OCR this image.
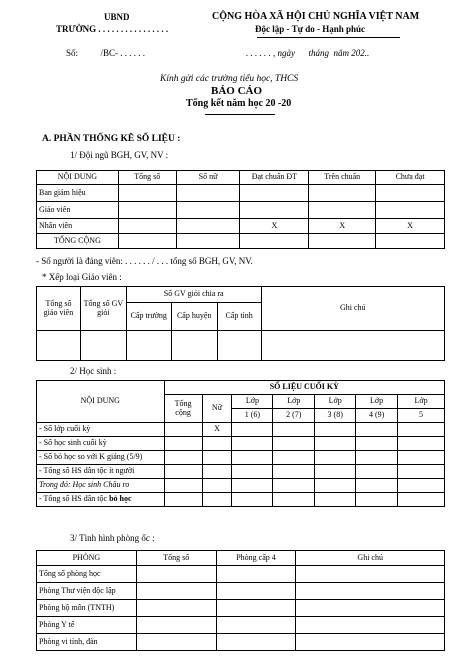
UBND
TRƯỜNG . . . . . . . . . . . . . . . .
CỘNG HÒA XÃ HỘI CHỦ NGHĨA VIỆT NAM
Độc lập - Tự do - Hạnh phúc
Số:          /BC- . . . . . .	. . . . . . , ngày      tháng  năm 202..
Kính gửi các trường tiểu học, THCS
BÁO CÁO
Tổng kết năm học 20 -20
A. PHẦN THỐNG KÊ SỐ LIỆU :
1/ Đội ngũ BGH, GV, NV :
NỘI DUNG	Tổng số	Số nữ	Đạt chuẩn ĐT	Trên chuẩn	Chưa đạt
Ban giám hiệu					
Giáo viên					
Nhân viên			X	X	X
TỔNG CỘNG					
- Số người là đảng viên: . . . . . . / . . . tổng số BGH, GV, NV.
* Xếp loại Giáo viên :
Tổng số giáo viên	Tổng số GV giỏi	Số GV giỏi chia ra			Ghi chú
		Cấp trường	Cấp huyện	Cấp tỉnh	

2/ Học sinh :
NỘI DUNG	SỐ LIỆU CUỐI KỲ						
	Tổng cộng	Nữ	Lớp	Lớp	Lớp	Lớp	Lớp
			1 (6)	2 (7)	3 (8)	4 (9)	5
- Số lớp cuối kỳ		X					
- Số học sinh cuối kỳ							
- Số bỏ học so với K giảng (5/9)							
- Tổng số HS dân tộc ít người							
Trong đó: Học sinh Chău ro							
- Tổng số HS dân tộc bỏ học							
3/ Tình hình phòng ốc :
PHÒNG	Tổng số	Phòng cấp 4	Ghi chú
Tổng số phòng học			
Phòng Thư viện độc lập			
Phòng bộ môn (TNTH)			
Phòng Y tế			
Phòng vi tính, đàn			
